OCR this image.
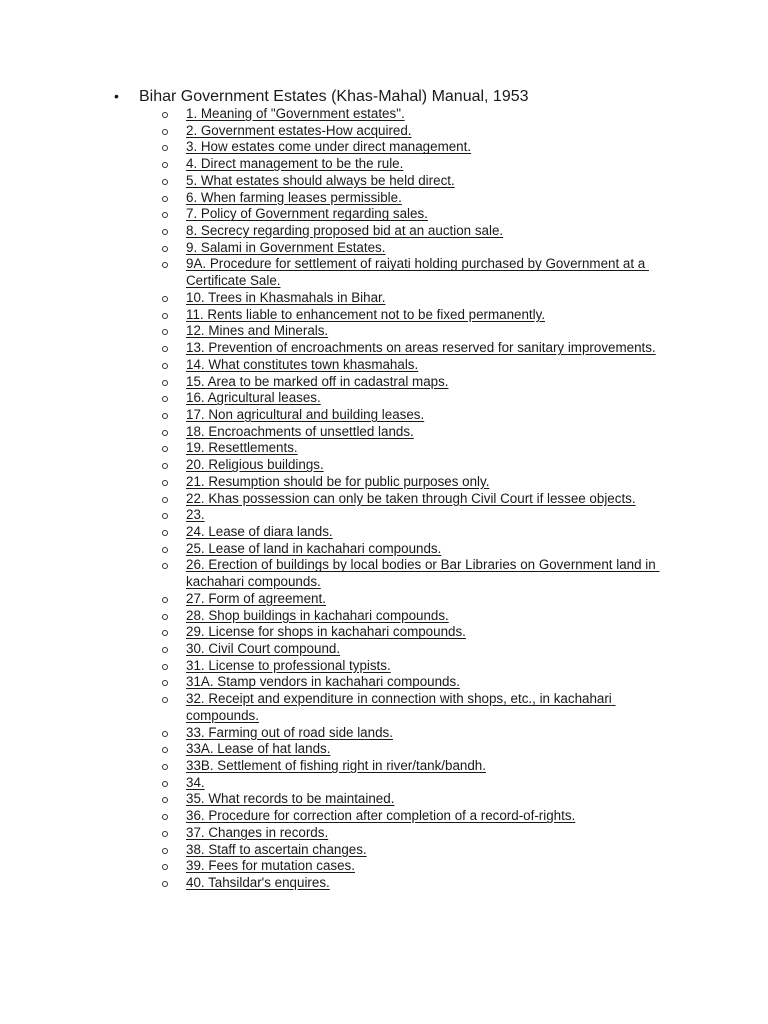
• Bihar Government Estates (Khas-Mahal) Manual, 1953
1. Meaning of "Government estates".
2. Government estates-How acquired.
3. How estates come under direct management.
4. Direct management to be the rule.
5. What estates should always be held direct.
6. When farming leases permissible.
7. Policy of Government regarding sales.
8. Secrecy regarding proposed bid at an auction sale.
9. Salami in Government Estates.
9A. Procedure for settlement of raiyati holding purchased by Government at a Certificate Sale.
10. Trees in Khasmahals in Bihar.
11. Rents liable to enhancement not to be fixed permanently.
12. Mines and Minerals.
13. Prevention of encroachments on areas reserved for sanitary improvements.
14. What constitutes town khasmahals.
15. Area to be marked off in cadastral maps.
16. Agricultural leases.
17. Non agricultural and building leases.
18. Encroachments of unsettled lands.
19. Resettlements.
20. Religious buildings.
21. Resumption should be for public purposes only.
22. Khas possession can only be taken through Civil Court if lessee objects.
23.
24. Lease of diara lands.
25. Lease of land in kachahari compounds.
26. Erection of buildings by local bodies or Bar Libraries on Government land in kachahari compounds.
27. Form of agreement.
28. Shop buildings in kachahari compounds.
29. License for shops in kachahari compounds.
30. Civil Court compound.
31. License to professional typists.
31A. Stamp vendors in kachahari compounds.
32. Receipt and expenditure in connection with shops, etc., in kachahari compounds.
33. Farming out of road side lands.
33A. Lease of hat lands.
33B. Settlement of fishing right in river/tank/bandh.
34.
35. What records to be maintained.
36. Procedure for correction after completion of a record-of-rights.
37. Changes in records.
38. Staff to ascertain changes.
39. Fees for mutation cases.
40. Tahsildar's enquires.
